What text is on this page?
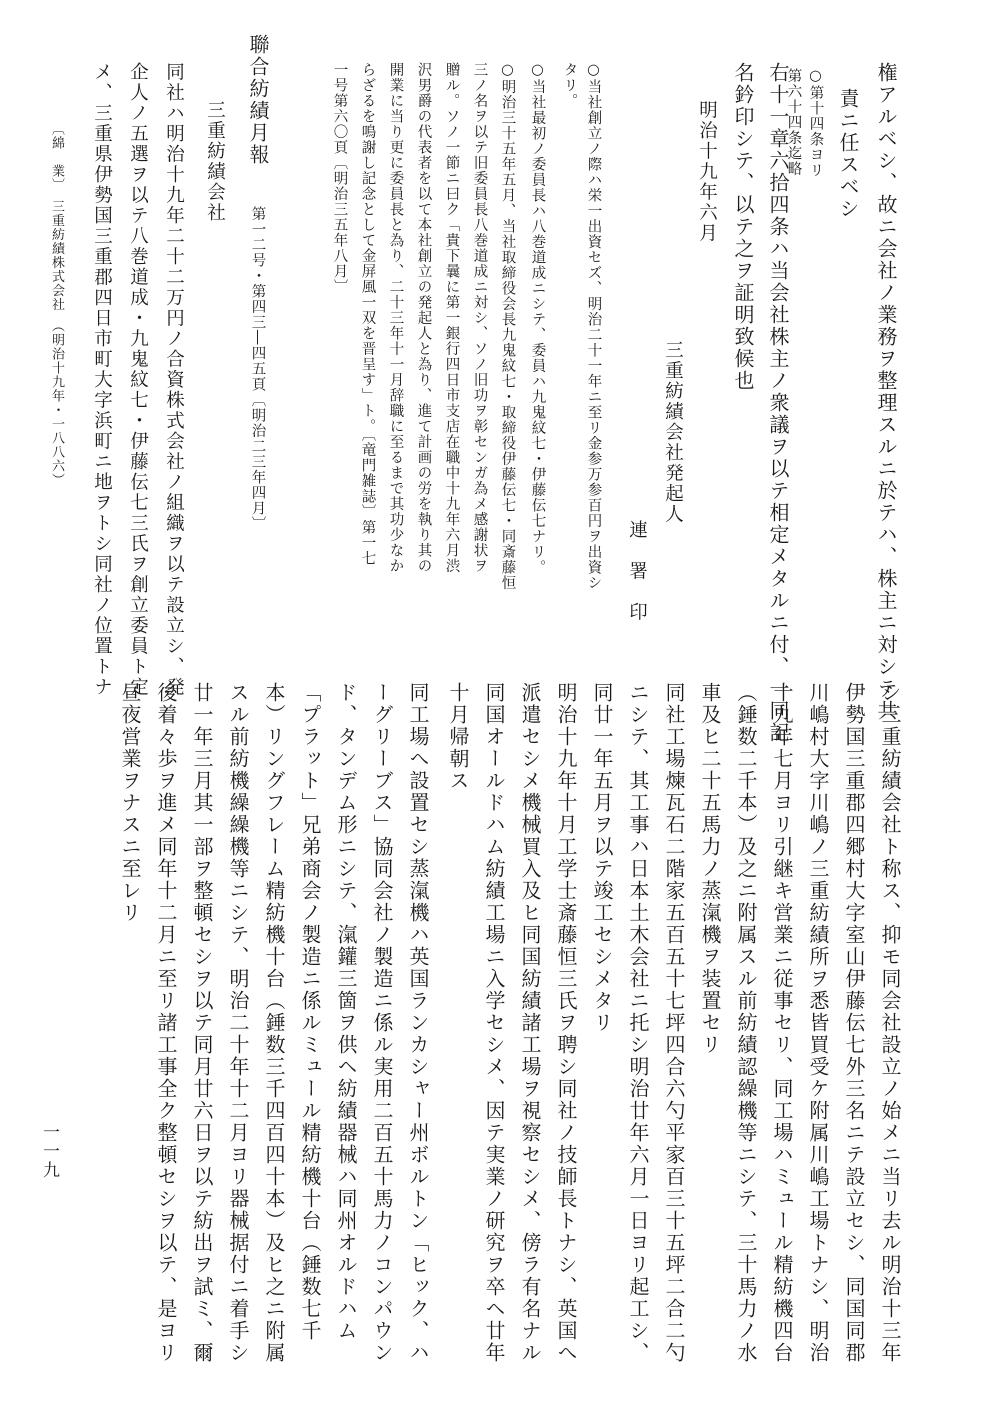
権アルベシ、故ニ会社ノ業務ヲ整理スルニ於テハ、株主ニ対シテ共

責ニ任スベシ

○第十四条ヨリ

第六十四条迄略

右十一章六拾四条ハ当会社株主ノ衆議ヲ以テ相定メタルニ付、一同記

名鈐印シテ、以テ之ヲ証明致候也

明治十九年六月

三重紡績会社発起人

連　署　印

○当社創立ノ際ハ栄一出資セズ、明治二十一年ニ至リ金参万参百円ヲ出資シ

タリ。

○当社最初ノ委員長ハ八巻道成ニシテ、委員ハ九鬼紋七・伊藤伝七ナリ。

○明治三十五年五月、当社取締役会長九鬼紋七・取締役伊藤伝七・同斎藤恒

三ノ名ヲ以テ旧委員長八巻道成ニ対シ、ソノ旧功ヲ彰センガ為メ感謝状ヲ

贈ル。ソノ一節ニ曰ク「貴下曩に第一銀行四日市支店在職中十九年六月渋

沢男爵の代表者を以て本社創立の発起人と為り、進て計画の労を執り其の

開業に当り更に委員長と為り、二十三年十一月辞職に至るまで其功少なか

らざるを鳴謝し記念として金屏風一双を晋呈す」ト。〔竜門雑誌〕第一七

一号第六〇頁〔明治三五年八月〕

聯合紡績月報

第一二号・第四三―四五頁〔明治二三年四月〕

三重紡績会社

同社ハ明治十九年二十二万円ノ合資株式会社ノ組織ヲ以テ設立シ、発

企人ノ五選ヲ以テ八巻道成・九鬼紋七・伊藤伝七三氏ヲ創立委員ト定

メ、三重県伊勢国三重郡四日市町大字浜町ニ地ヲトシ同社ノ位置トナ

〔綿　業〕　三重紡績株式会社　（明治十九年・一八八六）

シ三重紡績会社ト称ス、抑モ同会社設立ノ始メニ当リ去ル明治十三年

伊勢国三重郡四郷村大字室山伊藤伝七外三名ニテ設立セシ、同国同郡

川嶋村大字川嶋ノ三重紡績所ヲ悉皆買受ケ附属川嶋工場トナシ、明治

十九年七月ヨリ引継キ営業ニ従事セリ、同工場ハミュール精紡機四台

（錘数二千本）及之ニ附属スル前紡績認繰機等ニシテ、三十馬力ノ水

車及ヒ二十五馬力ノ蒸滊機ヲ装置セリ

同社工場煉瓦石二階家五百五十七坪四合六勺平家百三十五坪二合二勺

ニシテ、其工事ハ日本土木会社ニ托シ明治廿年六月一日ヨリ起工シ、

同廿一年五月ヲ以テ竣工セシメタリ

明治十九年十月工学士斎藤恒三氏ヲ聘シ同社ノ技師長トナシ、英国へ

派遣セシメ機械買入及ヒ同国紡績諸工場ヲ視察セシメ、傍ラ有名ナル

同国オールドハム紡績工場ニ入学セシメ、因テ実業ノ研究ヲ卒ヘ廿年

十月帰朝ス

同工場へ設置セシ蒸滊機ハ英国ランカシャー州ボルトン「ヒック、ハ

ーグリーブス」協同会社ノ製造ニ係ル実用二百五十馬力ノコンパウン

ド、タンデム形ニシテ、滊鑵三箇ヲ供ヘ紡績器械ハ同州オルドハム

「プラット」兄弟商会ノ製造ニ係ルミュール精紡機十台（錘数七千

本）リングフレーム精紡機十台（錘数三千四百四十本）及ヒ之ニ附属

スル前紡機繰繰機等ニシテ、明治二十年十二月ヨリ器械据付ニ着手シ

廿一年三月其一部ヲ整頓セシヲ以テ同月廿六日ヲ以テ紡出ヲ試ミ、爾

後着々歩ヲ進メ同年十二月ニ至リ諸工事全ク整頓セシヲ以テ、是ヨリ

昼夜営業ヲナスニ至レリ

一一九
